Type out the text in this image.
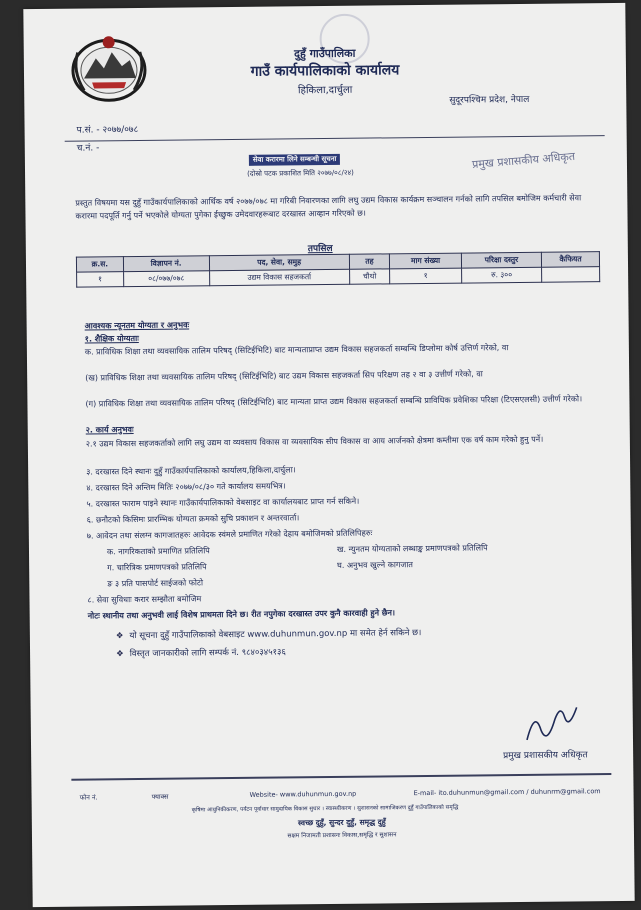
दुहुँ गाउँपालिका
गाउँ कार्यपालिकाको कार्यालय
हिकिला,दार्चुला
सुदूरपश्चिम प्रदेश, नेपाल
प.सं. - २०७७/०७८
च.नं. -
सेवा करारमा लिने सम्बन्धी सूचना
(दोस्रो पटक प्रकाशित मिति २०७७/०८/२४)
प्रमुख प्रशासकीय अधिकृत
प्रस्तुत विषयमा यस दुहुँ गाउँकार्यपालिकाको आर्थिक वर्ष २०७७/०७८ मा गरिबी निवारणका लागि लघु उद्यम विकास कार्यक्रम सञ्चालन गर्नको लागि तपसिल बमोजिम कर्मचारी सेवा करारमा पदपूर्ति गर्नु पर्ने भएकोले योग्यता पुगेका ईच्छुक उमेदवारहरूबाट दरखास्त आव्हान गरिएको छ।
तपसिल
क्र.स.	विज्ञापन नं.	पद, सेवा, समुह	तह	माग संख्या	परिक्षा दस्तुर	कैफियत
१	०८/०७७/०७८	उद्यम विकास सहजकर्ता	चौथो	१	रु. ३००	
आवश्यक न्यूनतम योग्यता र अनुभवः
१. शैक्षिक योग्यताः
क. प्राविधिक शिक्षा तथा व्यवसायिक तालिम परिषद् (सिटिईभिटि) बाट मान्यताप्राप्त उद्यम विकास सहजकर्ता सम्बन्धि डिप्लोमा कोर्ष उत्तिर्ण गरेको, वा
(ख) प्राविधिक शिक्षा तथा व्यवसायिक तालिम परिषद् (सिटिईभिटि) बाट उद्यम विकास सहजकर्ता सिप परिक्षण तह २ वा ३ उत्तीर्ण गरेको, वा
(ग) प्राविधिक शिक्षा तथा व्यवसायिक तालिम परिषद् (सिटिईभिटि) बाट मान्यता प्राप्त उद्यम विकास सहजकर्ता सम्बन्धि प्राविधिक प्रवेशिका परिक्षा (टिएसएलसी) उत्तीर्ण गरेको।
२. कार्य अनुभवः
२.१ उद्यम विकास सहजकर्ताको लागि लघु उद्यम वा व्यवसाय विकास वा व्यवसायिक सीप विकास वा आय आर्जनको क्षेत्रमा कम्तीमा एक वर्ष काम गरेको हुनु पर्ने।
३. दरखास्त दिने स्थानः दुहुँ गाउँकार्यपालिकाको कार्यालय,हिकिला,दार्चुला।
४. दरखास्त दिने अन्तिम मितिः २०७७/०८/३० गते कार्यालय समयभित्र।
५. दरखास्त फाराम पाइने स्थानः गाउँकार्यपालिकाको वेबसाइट वा कार्यालयबाट प्राप्त गर्न सकिने।
६. छनौटको किसिमः प्रारम्भिक योग्यता क्रमको सुचि प्रकाशन र अन्तरवार्ता।
७. आवेदन तथा संलग्न कागजातहरुः आवेदक स्वंमले प्रमाणित गरेको देहाय बमोजिमको प्रतिलिपिहरुः
क. नागरिकताको प्रमाणित प्रतिलिपि	ख. न्युनतम योग्यताको लब्धाङ्क प्रमाणपत्रको प्रतिलिपि
ग. चारित्रिक प्रमाणपत्रको प्रतिलिपि	घ. अनुभव खुल्ने कागजात
ङ ३ प्रति पासपोर्ट साईजको फोटो
८. सेवा सुविधाः करार सम्झौता बमोजिम
नोटः स्थानीय तथा अनुभवी लाई विशेष प्राथमता दिने छ। रीत नपुगेका दरखास्त उपर कुनै कारवाही हुने छैन।
❖ यो सूचना दुहुँ गाउँपालिकाको वेबसाइट www.duhunmun.gov.np मा समेत हेर्न सकिने छ।
❖ विस्तृत जानकारीको लागि सम्पर्क नं. ९८४०३४५१३६
प्रमुख प्रशासकीय अधिकृत
फोन नं.	फ्याक्स	Website- www.duhunmun.gov.np	E-mail- ito.duhunmun@gmail.com / duhunrm@gmail.com
कृषिमा आधुनिकीकरण, पर्यटन पूर्वाधार सामुदायिक विकास सुधार । स्वास्थ्यीकरण । सुशासनको सामाजिकरण दुहुँ गाउँपालिकाको समृद्धि
स्वच्छ दुहुँ, सुन्दर दुहुँ, समृद्ध दुहुँ
सक्षम निजामती प्रशासनः विकास,समृद्धि र सुशासन
